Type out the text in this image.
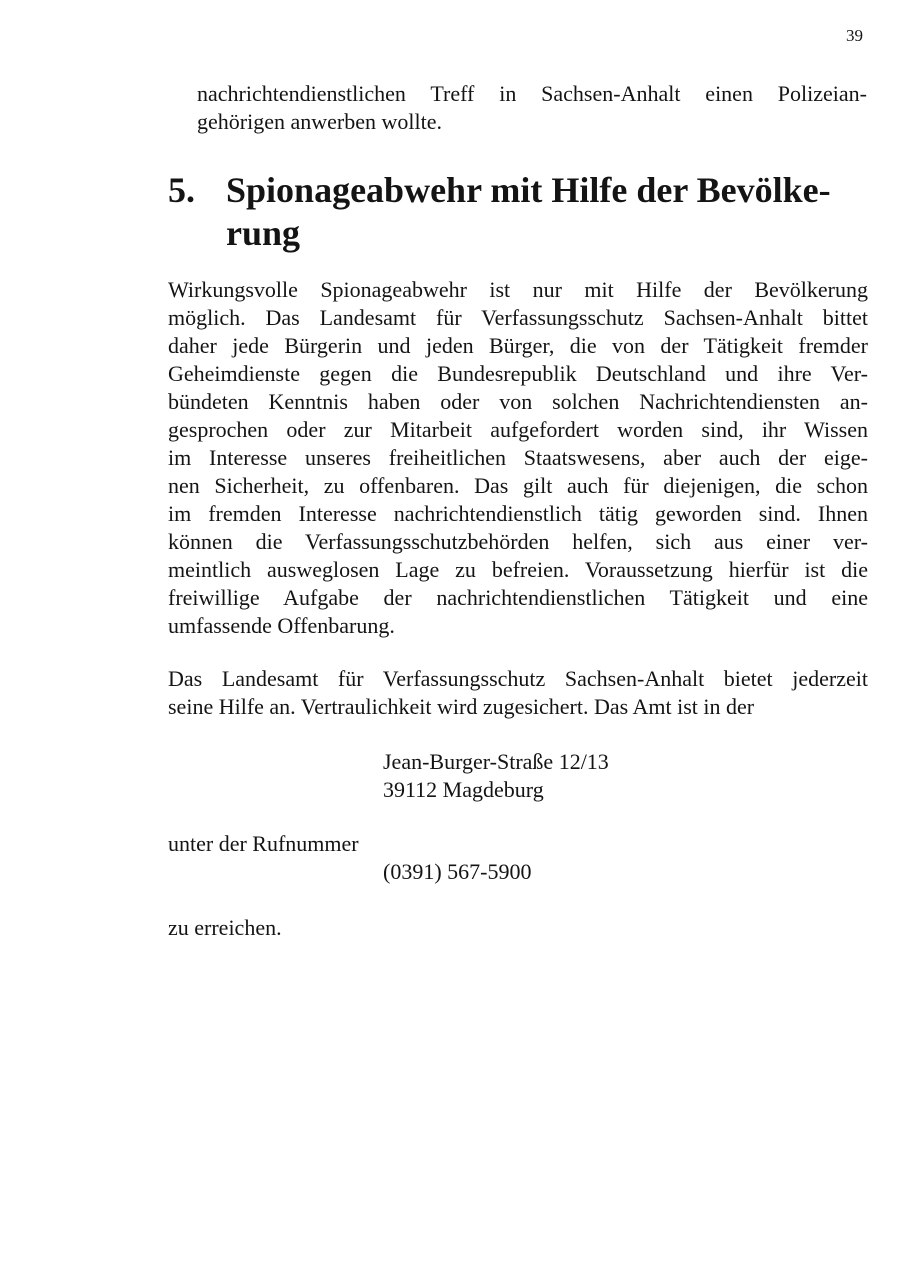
39

nachrichtendienstlichen Treff in Sachsen-Anhalt einen Polizeian-

gehörigen anwerben wollte.

5. Spionageabwehr mit Hilfe der Bevölke-
rung

Wirkungsvolle Spionageabwehr ist nur mit Hilfe der Bevölkerung

möglich. Das Landesamt für Verfassungsschutz Sachsen-Anhalt bittet

daher jede Bürgerin und jeden Bürger, die von der Tätigkeit fremder

Geheimdienste gegen die Bundesrepublik Deutschland und ihre Ver-

bündeten Kenntnis haben oder von solchen Nachrichtendiensten an-

gesprochen oder zur Mitarbeit aufgefordert worden sind, ihr Wissen

im Interesse unseres freiheitlichen Staatswesens, aber auch der eige-

nen Sicherheit, zu offenbaren. Das gilt auch für diejenigen, die schon

im fremden Interesse nachrichtendienstlich tätig geworden sind. Ihnen

können die Verfassungsschutzbehörden helfen, sich aus einer ver-

meintlich ausweglosen Lage zu befreien. Voraussetzung hierfür ist die

freiwillige Aufgabe der nachrichtendienstlichen Tätigkeit und eine

umfassende Offenbarung.

Das Landesamt für Verfassungsschutz Sachsen-Anhalt bietet jederzeit

seine Hilfe an. Vertraulichkeit wird zugesichert. Das Amt ist in der

Jean-Burger-Straße 12/13

39112 Magdeburg

unter der Rufnummer

(0391) 567-5900

zu erreichen.
